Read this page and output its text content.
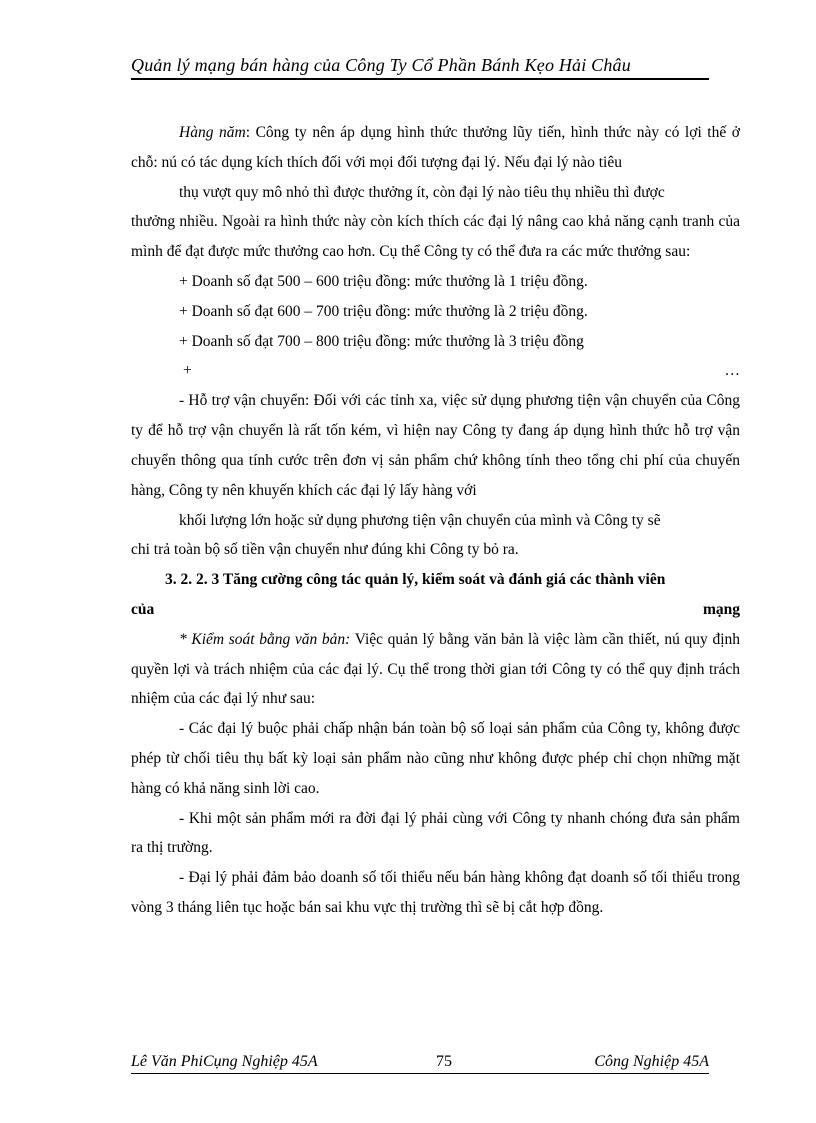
Quản lý mạng bán hàng của Công Ty Cổ Phần Bánh Kẹo Hải Châu

Hàng năm: Công ty nên áp dụng hình thức thưởng lũy tiến, hình thức này có lợi thế ở chỗ: nú có tác dụng kích thích đối với mọi đối tượng đại lý. Nếu đại lý nào tiêu

thụ vượt quy mô nhỏ thì được thưởng ít, còn đại lý nào tiêu thụ nhiều thì được

thưởng nhiều. Ngoài ra hình thức này còn kích thích các đại lý nâng cao khả năng cạnh tranh của mình để đạt được mức thưởng cao hơn. Cụ thể Công ty có thể đưa ra các mức thưởng sau:

+ Doanh số đạt 500 – 600 triệu đồng: mức thưởng là 1 triệu đồng.

+ Doanh số đạt 600 – 700 triệu đồng: mức thưởng là 2 triệu đồng.

+ Doanh số đạt 700 – 800 triệu đồng: mức thưởng là 3 triệu đồng

+	…

- Hỗ trợ vận chuyển: Đối với các tỉnh xa, việc sử dụng phương tiện vận chuyển của Công ty để hỗ trợ vận chuyển là rất tốn kém, vì hiện nay Công ty đang áp dụng hình thức hỗ trợ vận chuyển thông qua tính cước trên đơn vị sản phẩm chứ không tính theo tổng chi phí của chuyến hàng, Công ty nên khuyến khích các đại lý lấy hàng với

khối lượng lớn hoặc sử dụng phương tiện vận chuyển của mình và Công ty sẽ

chi trả toàn bộ số tiền vận chuyển như đúng khi Công ty bỏ ra.

3. 2. 2. 3 Tăng cường công tác quản lý, kiểm soát và đánh giá các thành viên

của	mạng

* Kiểm soát bằng văn bản: Việc quản lý bằng văn bản là việc làm cần thiết, nú quy định quyền lợi và trách nhiệm của các đại lý. Cụ thể trong thời gian tới Công ty có thể quy định trách nhiệm của các đại lý như sau:

- Các đại lý buộc phải chấp nhận bán toàn bộ số loại sản phẩm của Công ty, không được phép từ chối tiêu thụ bất kỳ loại sản phẩm nào cũng như không được phép chỉ chọn những mặt hàng có khả năng sinh lời cao.

- Khi một sản phẩm mới ra đời đại lý phải cùng với Công ty nhanh chóng đưa sản phẩm ra thị trường.

- Đại lý phải đảm bảo doanh số tối thiểu nếu bán hàng không đạt doanh số tối thiểu trong vòng 3 tháng liên tục hoặc bán sai khu vực thị trường thì sẽ bị cắt hợp đồng.

Lê Văn PhiCụng Nghiệp 45A	75	Công Nghiệp 45A
